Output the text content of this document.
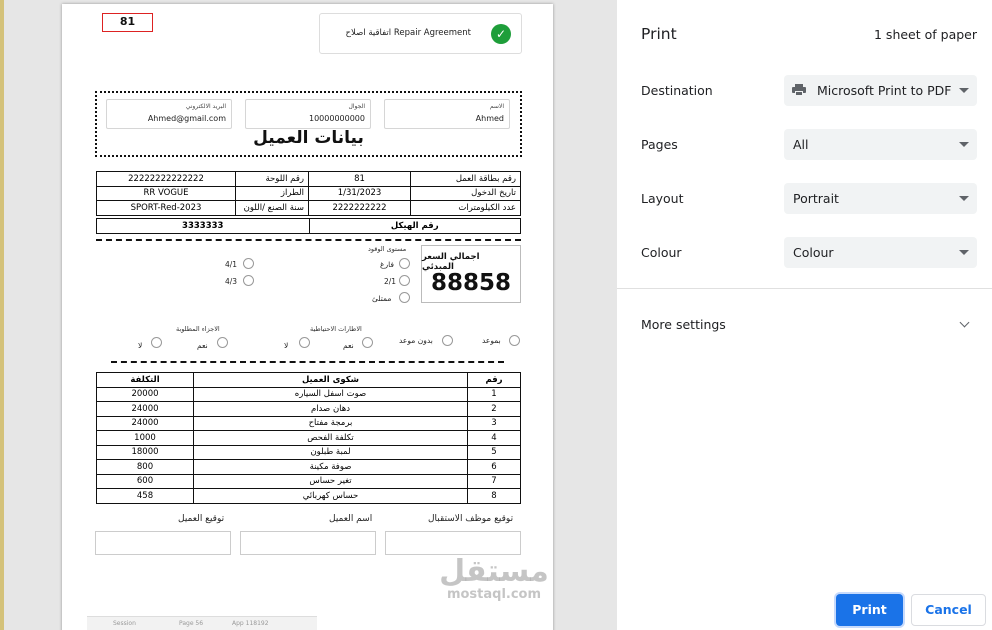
81
اتفاقية اصلاح Repair Agreement	✓
الاسم
Ahmed
الجوال
10000000000
البريد الالكتروني
Ahmed@gmail.com
بيانات العميل
رقم بطاقة العمل	81	رقم اللوحة	22222222222222
تاريخ الدخول	1/31/2023	الطراز	RR VOGUE
عدد الكيلومترات	2222222222	سنة الصنع /اللون	SPORT-Red-2023
رقم الهيكل
3333333
مستوى الوقود
فارغ
2/1
ممتلئ
4/1
4/3
اجمالي السعر المبدئي
88858
بموعد
بدون موعد
الاطارات الاحتياطية
نعم
لا
الاجزاء المطلوبة
نعم
لا
رقم	شكوى العميل	التكلفة
1	صوت اسفل السياره	20000
2	دهان صدام	24000
3	برمجة مفتاح	24000
4	تكلفة الفحص	1000
5	لمبة طبلون	18000
6	صوفة مكينة	800
7	تغير حساس	600
8	حساس كهربائي	458
توقيع موظف الاستقبال
اسم العميل
توقيع العميل
Session	Page 56	App 118192
مستقل
mostaql.com
Print	1 sheet of paper
Destination	Microsoft Print to PDF
Pages	All
Layout	Portrait
Colour	Colour
More settings
Print	Cancel
